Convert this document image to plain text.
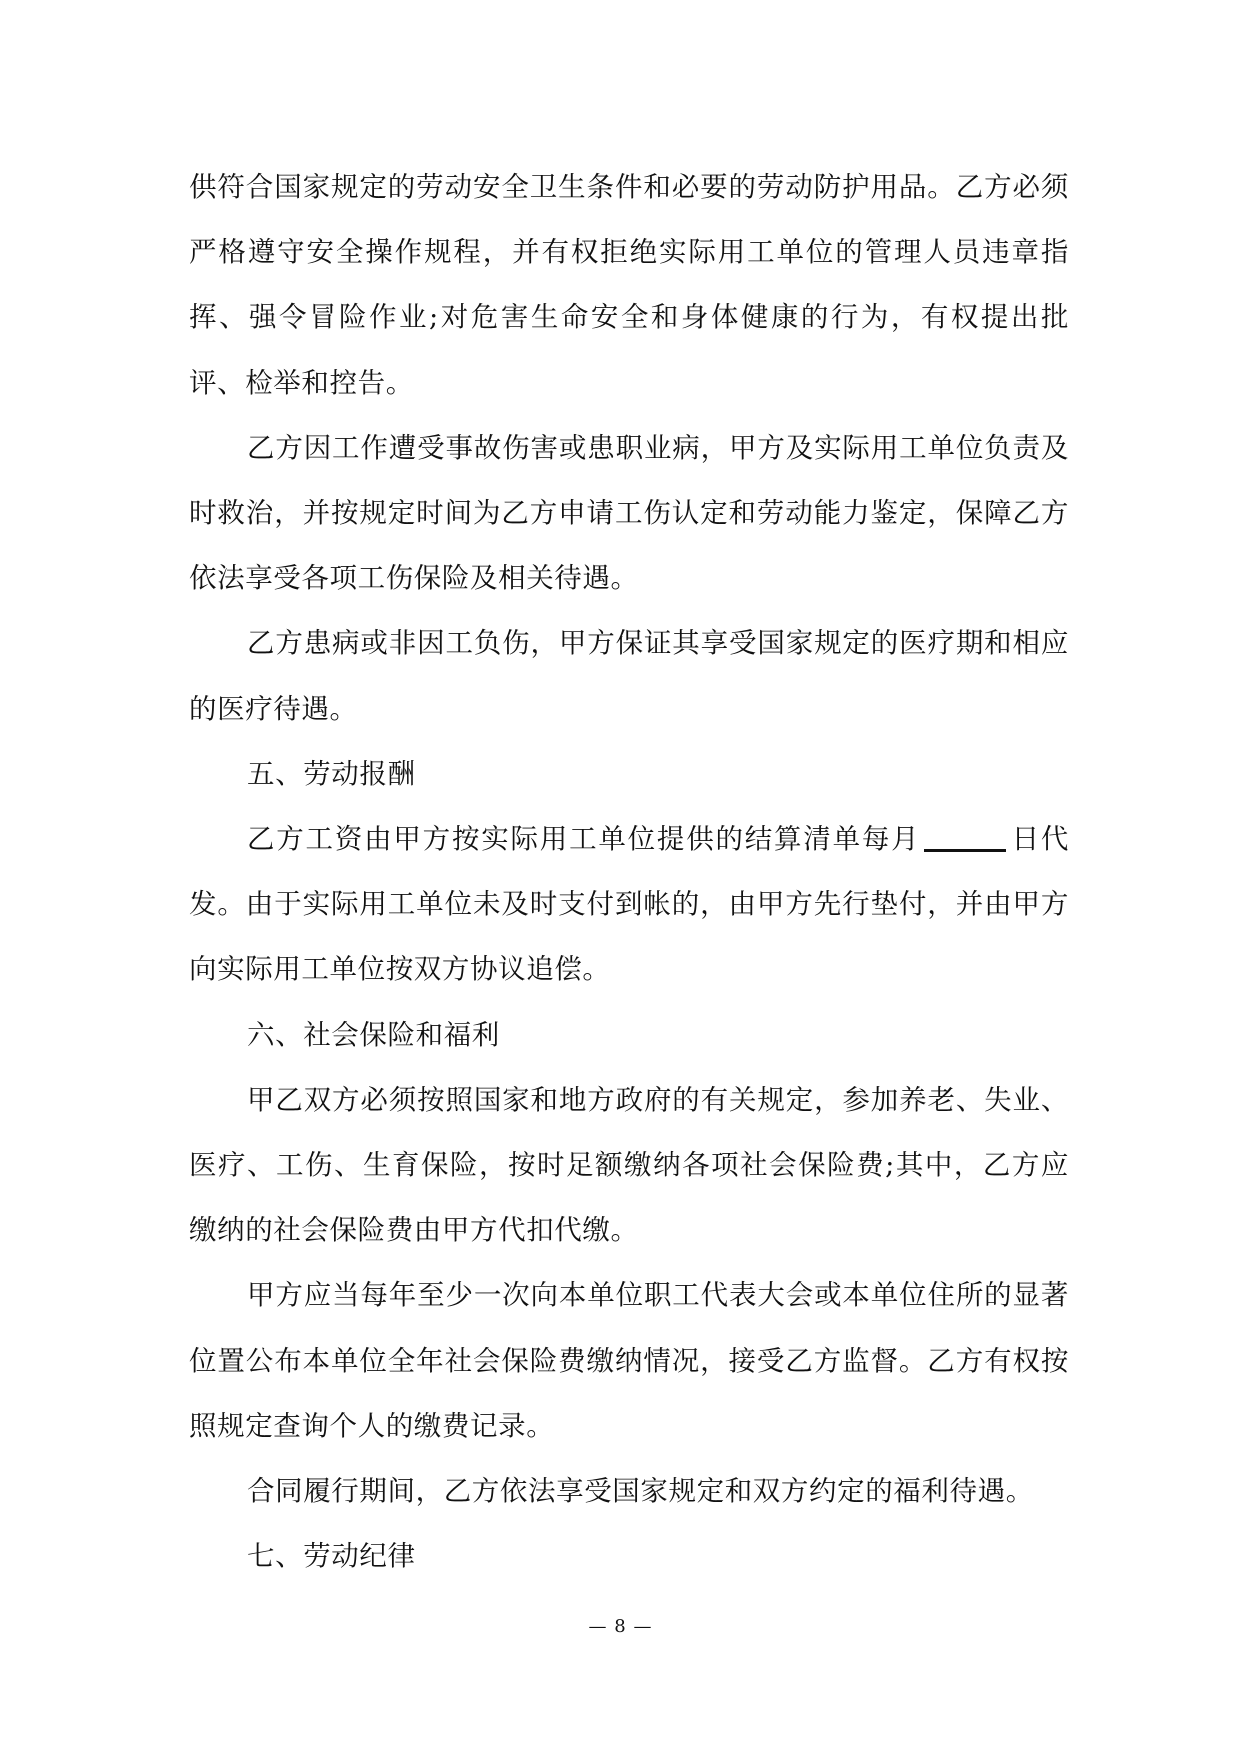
供符合国家规定的劳动安全卫生条件和必要的劳动防护用品。乙方必须严格遵守安全操作规程，并有权拒绝实际用工单位的管理人员违章指挥、强令冒险作业;对危害生命安全和身体健康的行为，有权提出批评、检举和控告。

乙方因工作遭受事故伤害或患职业病，甲方及实际用工单位负责及时救治，并按规定时间为乙方申请工伤认定和劳动能力鉴定，保障乙方依法享受各项工伤保险及相关待遇。

乙方患病或非因工负伤，甲方保证其享受国家规定的医疗期和相应的医疗待遇。

五、劳动报酬

乙方工资由甲方按实际用工单位提供的结算清单每月	日代发。由于实际用工单位未及时支付到帐的，由甲方先行垫付，并由甲方向实际用工单位按双方协议追偿。

六、社会保险和福利

甲乙双方必须按照国家和地方政府的有关规定，参加养老、失业、医疗、工伤、生育保险，按时足额缴纳各项社会保险费;其中，乙方应缴纳的社会保险费由甲方代扣代缴。

甲方应当每年至少一次向本单位职工代表大会或本单位住所的显著位置公布本单位全年社会保险费缴纳情况，接受乙方监督。乙方有权按照规定查询个人的缴费记录。

合同履行期间，乙方依法享受国家规定和双方约定的福利待遇。

七、劳动纪律

— 8 —
